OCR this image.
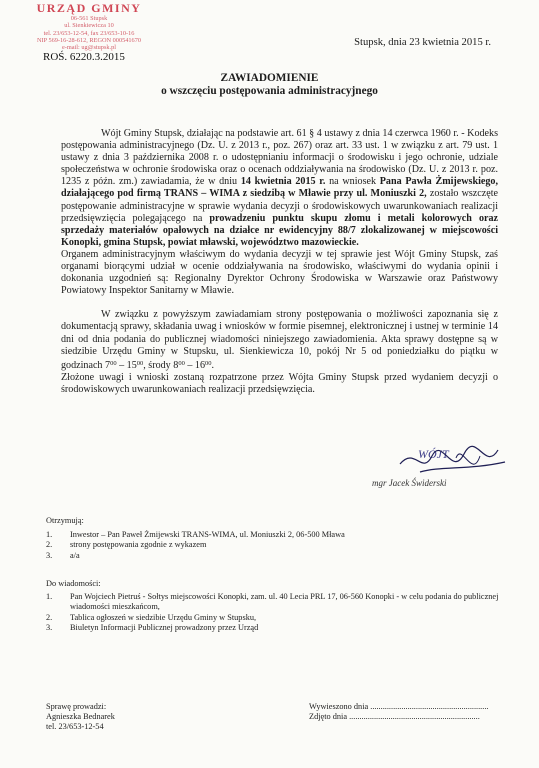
URZĄD GMINY
06-561 Stupsk
ul. Sienkiewicza 10
tel. 23/653-12-54, fax 23/653-10-16
NIP 569-16-28-612, REGON 000541670
e-mail: ug@stupsk.pl
ROŚ. 6220.3.2015
Stupsk, dnia 23 kwietnia 2015 r.
ZAWIADOMIENIE
o wszczęciu postępowania administracyjnego

Wójt Gminy Stupsk, działając na podstawie art. 61 § 4 ustawy z dnia 14 czerwca 1960 r. - Kodeks postępowania administracyjnego (Dz. U. z 2013 r., poz. 267) oraz art. 33 ust. 1 w związku z art. 79 ust. 1 ustawy z dnia 3 października 2008 r. o udostępnianiu informacji o środowisku i jego ochronie, udziale społeczeństwa w ochronie środowiska oraz o ocenach oddziaływania na środowisko (Dz. U. z 2013 r. poz. 1235 z późn. zm.) zawiadamia, że w dniu 14 kwietnia 2015 r. na wniosek Pana Pawła Żmijewskiego, działającego pod firmą TRANS – WIMA z siedzibą w Mławie przy ul. Moniuszki 2, zostało wszczęte postępowanie administracyjne w sprawie wydania decyzji o środowiskowych uwarunkowaniach realizacji przedsięwzięcia polegającego na prowadzeniu punktu skupu złomu i metali kolorowych oraz sprzedaży materiałów opałowych na działce nr ewidencyjny 88/7 zlokalizowanej w miejscowości Konopki, gmina Stupsk, powiat mławski, województwo mazowieckie.

Organem administracyjnym właściwym do wydania decyzji w tej sprawie jest Wójt Gminy Stupsk, zaś organami biorącymi udział w ocenie oddziaływania na środowisko, właściwymi do wydania opinii i dokonania uzgodnień są: Regionalny Dyrektor Ochrony Środowiska w Warszawie oraz Państwowy Powiatowy Inspektor Sanitarny w Mławie.

W związku z powyższym zawiadamiam strony postępowania o możliwości zapoznania się z dokumentacją sprawy, składania uwag i wniosków w formie pisemnej, elektronicznej i ustnej w terminie 14 dni od dnia podania do publicznej wiadomości niniejszego zawiadomienia. Akta sprawy dostępne są w siedzibie Urzędu Gminy w Stupsku, ul. Sienkiewicza 10, pokój Nr 5 od poniedziałku do piątku w godzinach $7^{00} - 15^{00}$, środy $8^{00} - 16^{00}$.

Złożone uwagi i wnioski zostaną rozpatrzone przez Wójta Gminy Stupsk przed wydaniem decyzji o środowiskowych uwarunkowaniach realizacji przedsięwzięcia.

WÓJT
mgr Jacek Świderski
Otrzymują:
1. Inwestor – Pan Paweł Żmijewski TRANS-WIMA, ul. Moniuszki 2, 06-500 Mława
2. strony postępowania zgodnie z wykazem
3. a/a
Do wiadomości:
1. Pan Wojciech Pietruś - Sołtys miejscowości Konopki, zam. ul. 40 Lecia PRL 17, 06-560 Konopki - w celu podania do publicznej wiadomości mieszkańcom,
2. Tablica ogłoszeń w siedzibie Urzędu Gminy w Stupsku,
3. Biuletyn Informacji Publicznej prowadzony przez Urząd
Sprawę prowadzi:
Agnieszka Bednarek
tel. 23/653-12-54
Wywieszono dnia .........................................................
Zdjęto dnia ...............................................................
